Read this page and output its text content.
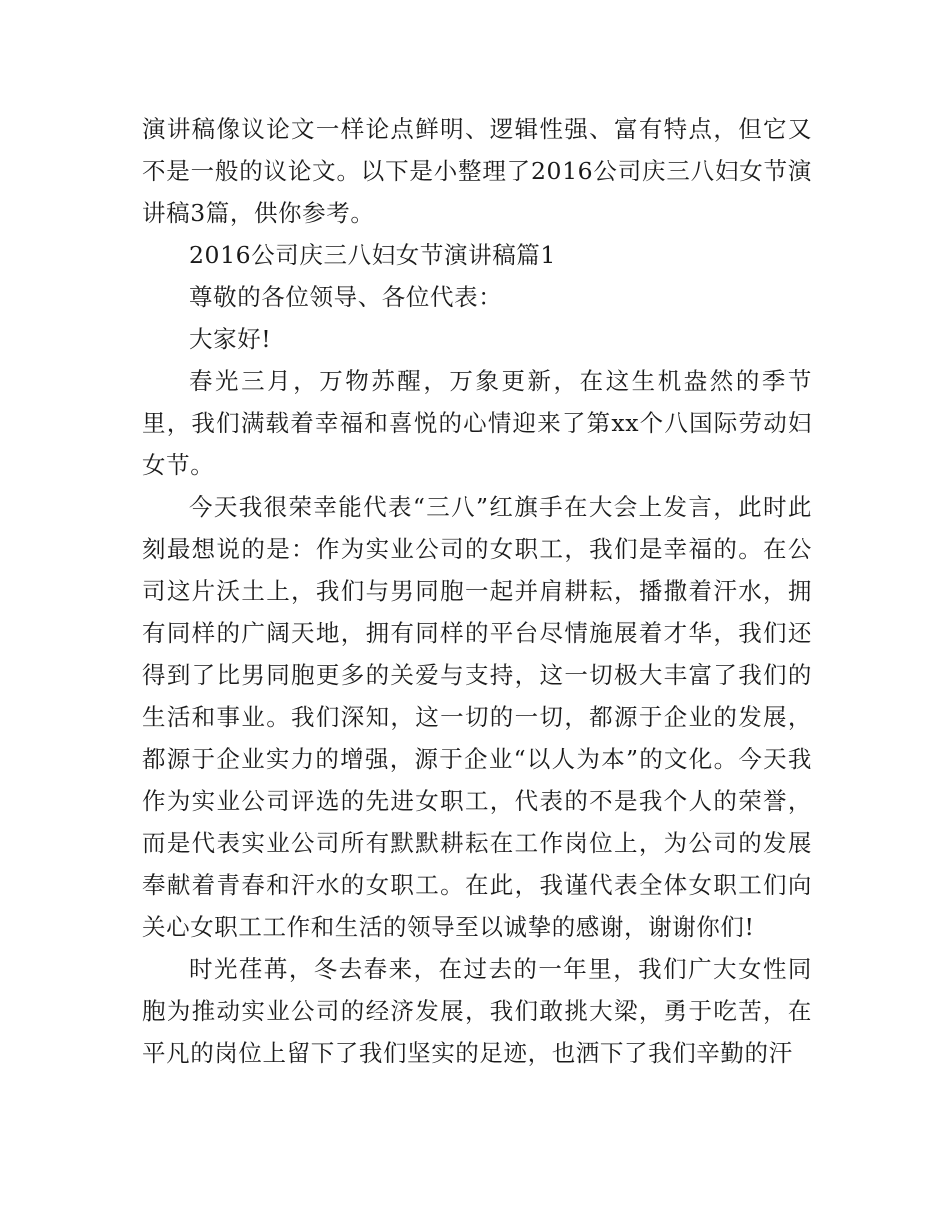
演讲稿像议论文一样论点鲜明、逻辑性强、富有特点，但它又不是一般的议论文。以下是小整理了2016公司庆三八妇女节演讲稿3篇，供你参考。

2016公司庆三八妇女节演讲稿篇1

尊敬的各位领导、各位代表：

大家好!

春光三月，万物苏醒，万象更新，在这生机盎然的季节里，我们满载着幸福和喜悦的心情迎来了第xx个八国际劳动妇女节。

今天我很荣幸能代表“三八”红旗手在大会上发言，此时此刻最想说的是：作为实业公司的女职工，我们是幸福的。在公司这片沃土上，我们与男同胞一起并肩耕耘，播撒着汗水，拥有同样的广阔天地，拥有同样的平台尽情施展着才华，我们还得到了比男同胞更多的关爱与支持，这一切极大丰富了我们的生活和事业。我们深知，这一切的一切，都源于企业的发展，都源于企业实力的增强，源于企业“以人为本”的文化。今天我作为实业公司评选的先进女职工，代表的不是我个人的荣誉，而是代表实业公司所有默默耕耘在工作岗位上，为公司的发展奉献着青春和汗水的女职工。在此，我谨代表全体女职工们向关心女职工工作和生活的领导至以诚挚的感谢，谢谢你们!

时光荏苒，冬去春来，在过去的一年里，我们广大女性同胞为推动实业公司的经济发展，我们敢挑大梁，勇于吃苦，在平凡的岗位上留下了我们坚实的足迹，也洒下了我们辛勤的汗
